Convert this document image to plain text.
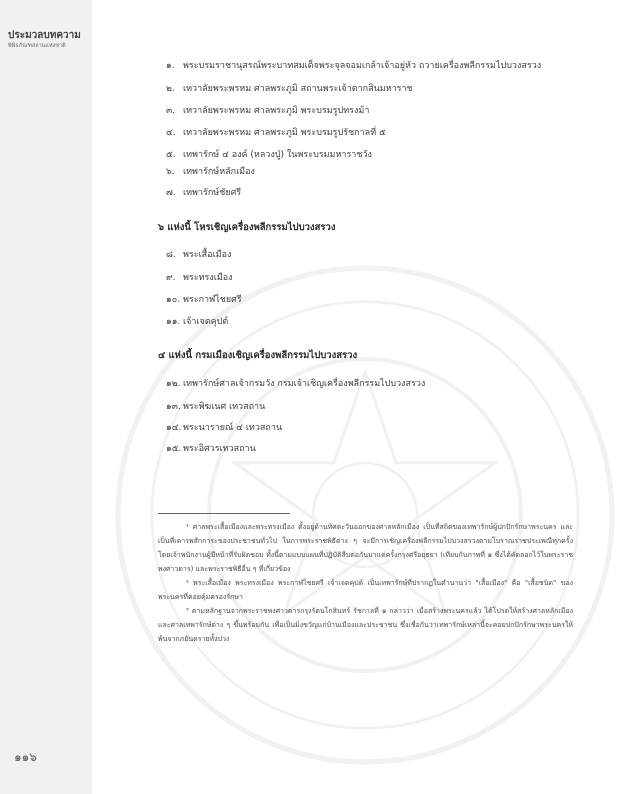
ประมวลบทความ
พิพิธภัณฑสถานแห่งชาติ
๑. พระบรมราชานุสรณ์พระบาทสมเด็จพระจุลจอมเกล้าเจ้าอยู่หัว ถวายเครื่องพลีกรรมไปบวงสรวง
๒. เทวาลัยพระพรหม ศาลพระภูมิ สถานพระเจ้าตากสินมหาราช
๓. เทวาลัยพระพรหม ศาลพระภูมิ พระบรมรูปทรงม้า
๔. เทวาลัยพระพรหม ศาลพระภูมิ พระบรมรูปรัชกาลที่ ๕
๕. เทพารักษ์ ๔ องค์ (หลวงปู่) ในพระบรมมหาราชวัง
๖. เทพารักษ์หลักเมือง
๗. เทพารักษ์ชัยศรี
๖ แห่งนี้ โหรเชิญเครื่องพลีกรรมไปบวงสรวง
๘. พระเสื้อเมือง
๙. พระทรงเมือง
๑๐. พระกาฬไชยศรี
๑๑. เจ้าเจตคุปต์
๔ แห่งนี้ กรมเมืองเชิญเครื่องพลีกรรมไปบวงสรวง
๑๒. เทพารักษ์ศาลเจ้ากรมวัง กรมเจ้าเชิญเครื่องพลีกรรมไปบวงสรวง
๑๓. พระพิฆเนศ เทวสถาน
๑๔. พระนารายณ์ ๔ เทวสถาน
๑๕. พระอิศวรเทวสถาน

¹ ศาลพระเสื้อเมืองและพระทรงเมือง ตั้งอยู่ด้านทิศตะวันออกของศาลหลักเมือง เป็นที่สถิตของเทพารักษ์ผู้ปกปักรักษาพระนคร และเป็นที่เคารพสักการะของประชาชนทั่วไป ในการพระราชพิธีต่าง ๆ จะมีการเชิญเครื่องพลีกรรมไปบวงสรวงตามโบราณราชประเพณีทุกครั้ง โดยเจ้าพนักงานผู้มีหน้าที่รับผิดชอบ ทั้งนี้ตามแบบแผนที่ปฏิบัติสืบต่อกันมาแต่ครั้งกรุงศรีอยุธยา (เทียบกับภาพที่ ๑ ซึ่งได้คัดลอกไว้ในพระราชพงศาวดาร) และพระราชพิธีอื่น ๆ ที่เกี่ยวข้อง

² พระเสื้อเมือง พระทรงเมือง พระกาฬไชยศรี เจ้าเจตคุปต์ เป็นเทพารักษ์ที่ปรากฏในตำนานว่า "เสื้อเมือง" คือ "เสื้อชนิด" ของพระนครที่คอยคุ้มครองรักษา

³ ตามหลักฐานจากพระราชพงศาวดารกรุงรัตนโกสินทร์ รัชกาลที่ ๑ กล่าวว่า เมื่อสร้างพระนครแล้ว ได้โปรดให้สร้างศาลหลักเมืองและศาลเทพารักษ์ต่าง ๆ ขึ้นพร้อมกัน เพื่อเป็นมิ่งขวัญแก่บ้านเมืองและประชาชน ซึ่งเชื่อกันว่าเทพารักษ์เหล่านี้จะคอยปกปักรักษาพระนครให้พ้นจากภยันตรายทั้งปวง

๑๑๖
